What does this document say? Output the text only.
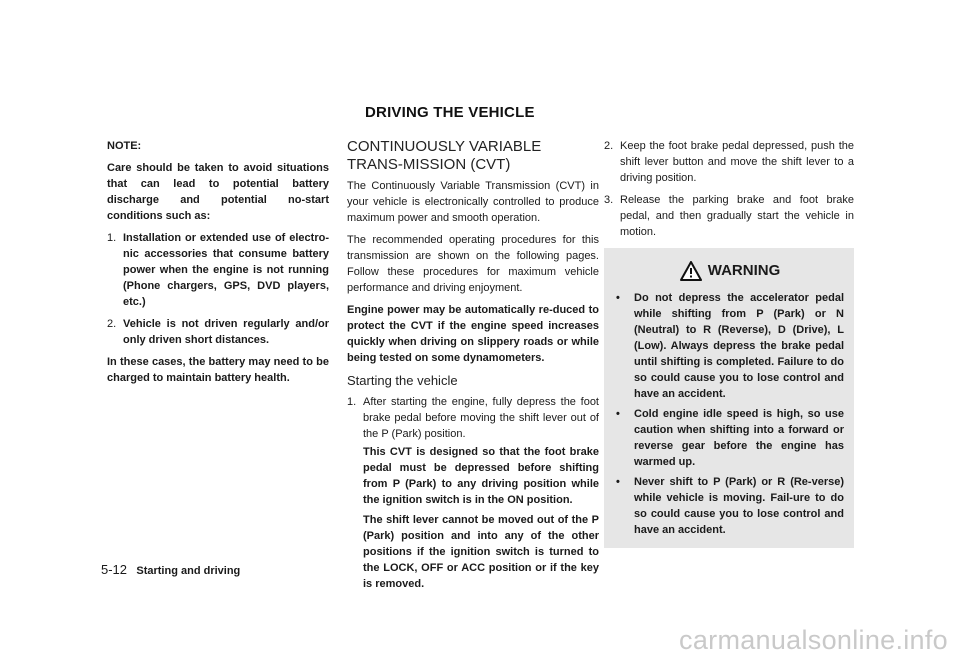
DRIVING THE VEHICLE

NOTE:

Care should be taken to avoid situations that can lead to potential battery discharge and potential no-start conditions such as:

1. Installation or extended use of electro-nic accessories that consume battery power when the engine is not running (Phone chargers, GPS, DVD players, etc.)
2. Vehicle is not driven regularly and/or only driven short distances.

In these cases, the battery may need to be charged to maintain battery health.

CONTINUOUSLY VARIABLE TRANS-MISSION (CVT)

The Continuously Variable Transmission (CVT) in your vehicle is electronically controlled to produce maximum power and smooth operation.

The recommended operating procedures for this transmission are shown on the following pages. Follow these procedures for maximum vehicle performance and driving enjoyment.

Engine power may be automatically re-duced to protect the CVT if the engine speed increases quickly when driving on slippery roads or while being tested on some dynamometers.

Starting the vehicle
1. After starting the engine, fully depress the foot brake pedal before moving the shift lever out of the P (Park) position.

This CVT is designed so that the foot brake pedal must be depressed before shifting from P (Park) to any driving position while the ignition switch is in the ON position.

The shift lever cannot be moved out of the P (Park) position and into any of the other positions if the ignition switch is turned to the LOCK, OFF or ACC position or if the key is removed.

2. Keep the foot brake pedal depressed, push the shift lever button and move the shift lever to a driving position.
3. Release the parking brake and foot brake pedal, and then gradually start the vehicle in motion.
WARNING
•	Do not depress the accelerator pedal while shifting from P (Park) or N (Neutral) to R (Reverse), D (Drive), L (Low). Always depress the brake pedal until shifting is completed. Failure to do so could cause you to lose control and have an accident.
•	Cold engine idle speed is high, so use caution when shifting into a forward or reverse gear before the engine has warmed up.
•	Never shift to P (Park) or R (Re-verse) while vehicle is moving. Fail-ure to do so could cause you to lose control and have an accident.
5-12 Starting and driving
carmanualsonline.info
